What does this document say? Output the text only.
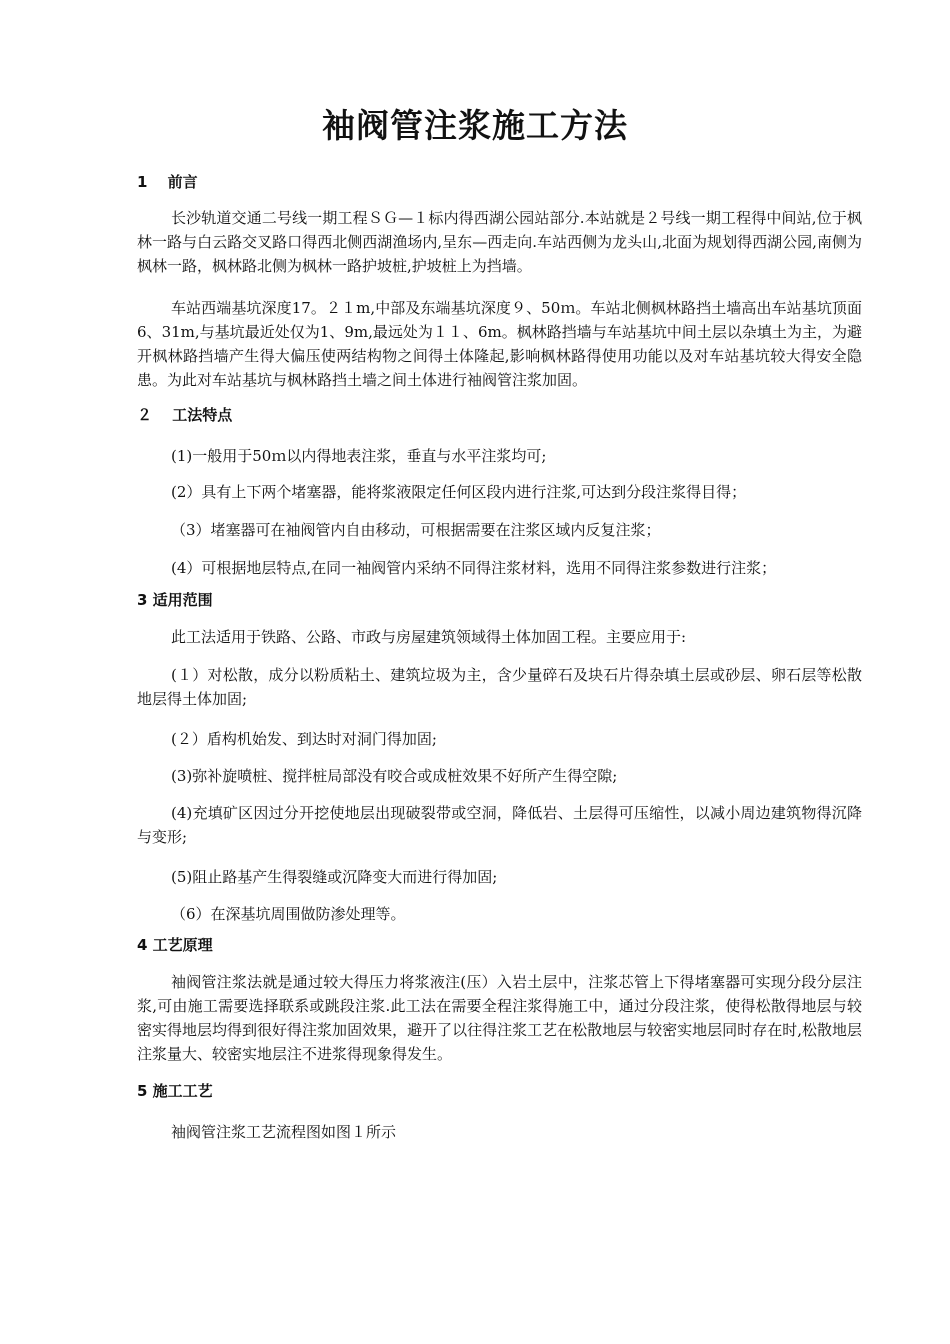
袖阀管注浆施工方法
1　 前言
长沙轨道交通二号线一期工程ＳＧ—１标内得西湖公园站部分.本站就是２号线一期工程得中间站,位于枫林一路与白云路交叉路口得西北侧西湖渔场内,呈东—西走向.车站西侧为龙头山,北面为规划得西湖公园,南侧为枫林一路，枫林路北侧为枫林一路护坡桩,护坡桩上为挡墙。
车站西端基坑深度17。２１m,中部及东端基坑深度９、50ｍ。车站北侧枫林路挡土墙高出车站基坑顶面6、31m,与基坑最近处仅为1、9m,最远处为１１、6m。枫林路挡墙与车站基坑中间土层以杂填土为主，为避开枫林路挡墙产生得大偏压使两结构物之间得土体隆起,影响枫林路得使用功能以及对车站基坑较大得安全隐患。为此对车站基坑与枫林路挡土墙之间土体进行袖阀管注浆加固。
２　 工法特点
(1)一般用于50ｍ以内得地表注浆，垂直与水平注浆均可;
(2）具有上下两个堵塞器，能将浆液限定任何区段内进行注浆,可达到分段注浆得目得；
（3）堵塞器可在袖阀管内自由移动，可根据需要在注浆区域内反复注浆；
(4）可根据地层特点,在同一袖阀管内采纳不同得注浆材料，选用不同得注浆参数进行注浆；
3 适用范围
此工法适用于铁路、公路、市政与房屋建筑领域得土体加固工程。主要应用于:
(１）对松散，成分以粉质粘土、建筑垃圾为主，含少量碎石及块石片得杂填土层或砂层、卵石层等松散地层得土体加固;
(２）盾构机始发、到达时对洞门得加固;
(3)弥补旋喷桩、搅拌桩局部没有咬合或成桩效果不好所产生得空隙;
(4)充填矿区因过分开挖使地层出现破裂带或空洞，降低岩、土层得可压缩性，以减小周边建筑物得沉降与变形;
(5)阻止路基产生得裂缝或沉降变大而进行得加固;
（6）在深基坑周围做防渗处理等。
4 工艺原理
袖阀管注浆法就是通过较大得压力将浆液注(压）入岩土层中，注浆芯管上下得堵塞器可实现分段分层注浆,可由施工需要选择联系或跳段注浆.此工法在需要全程注浆得施工中，通过分段注浆，使得松散得地层与较密实得地层均得到很好得注浆加固效果，避开了以往得注浆工艺在松散地层与较密实地层同时存在时,松散地层注浆量大、较密实地层注不进浆得现象得发生。
5 施工工艺
袖阀管注浆工艺流程图如图１所示
